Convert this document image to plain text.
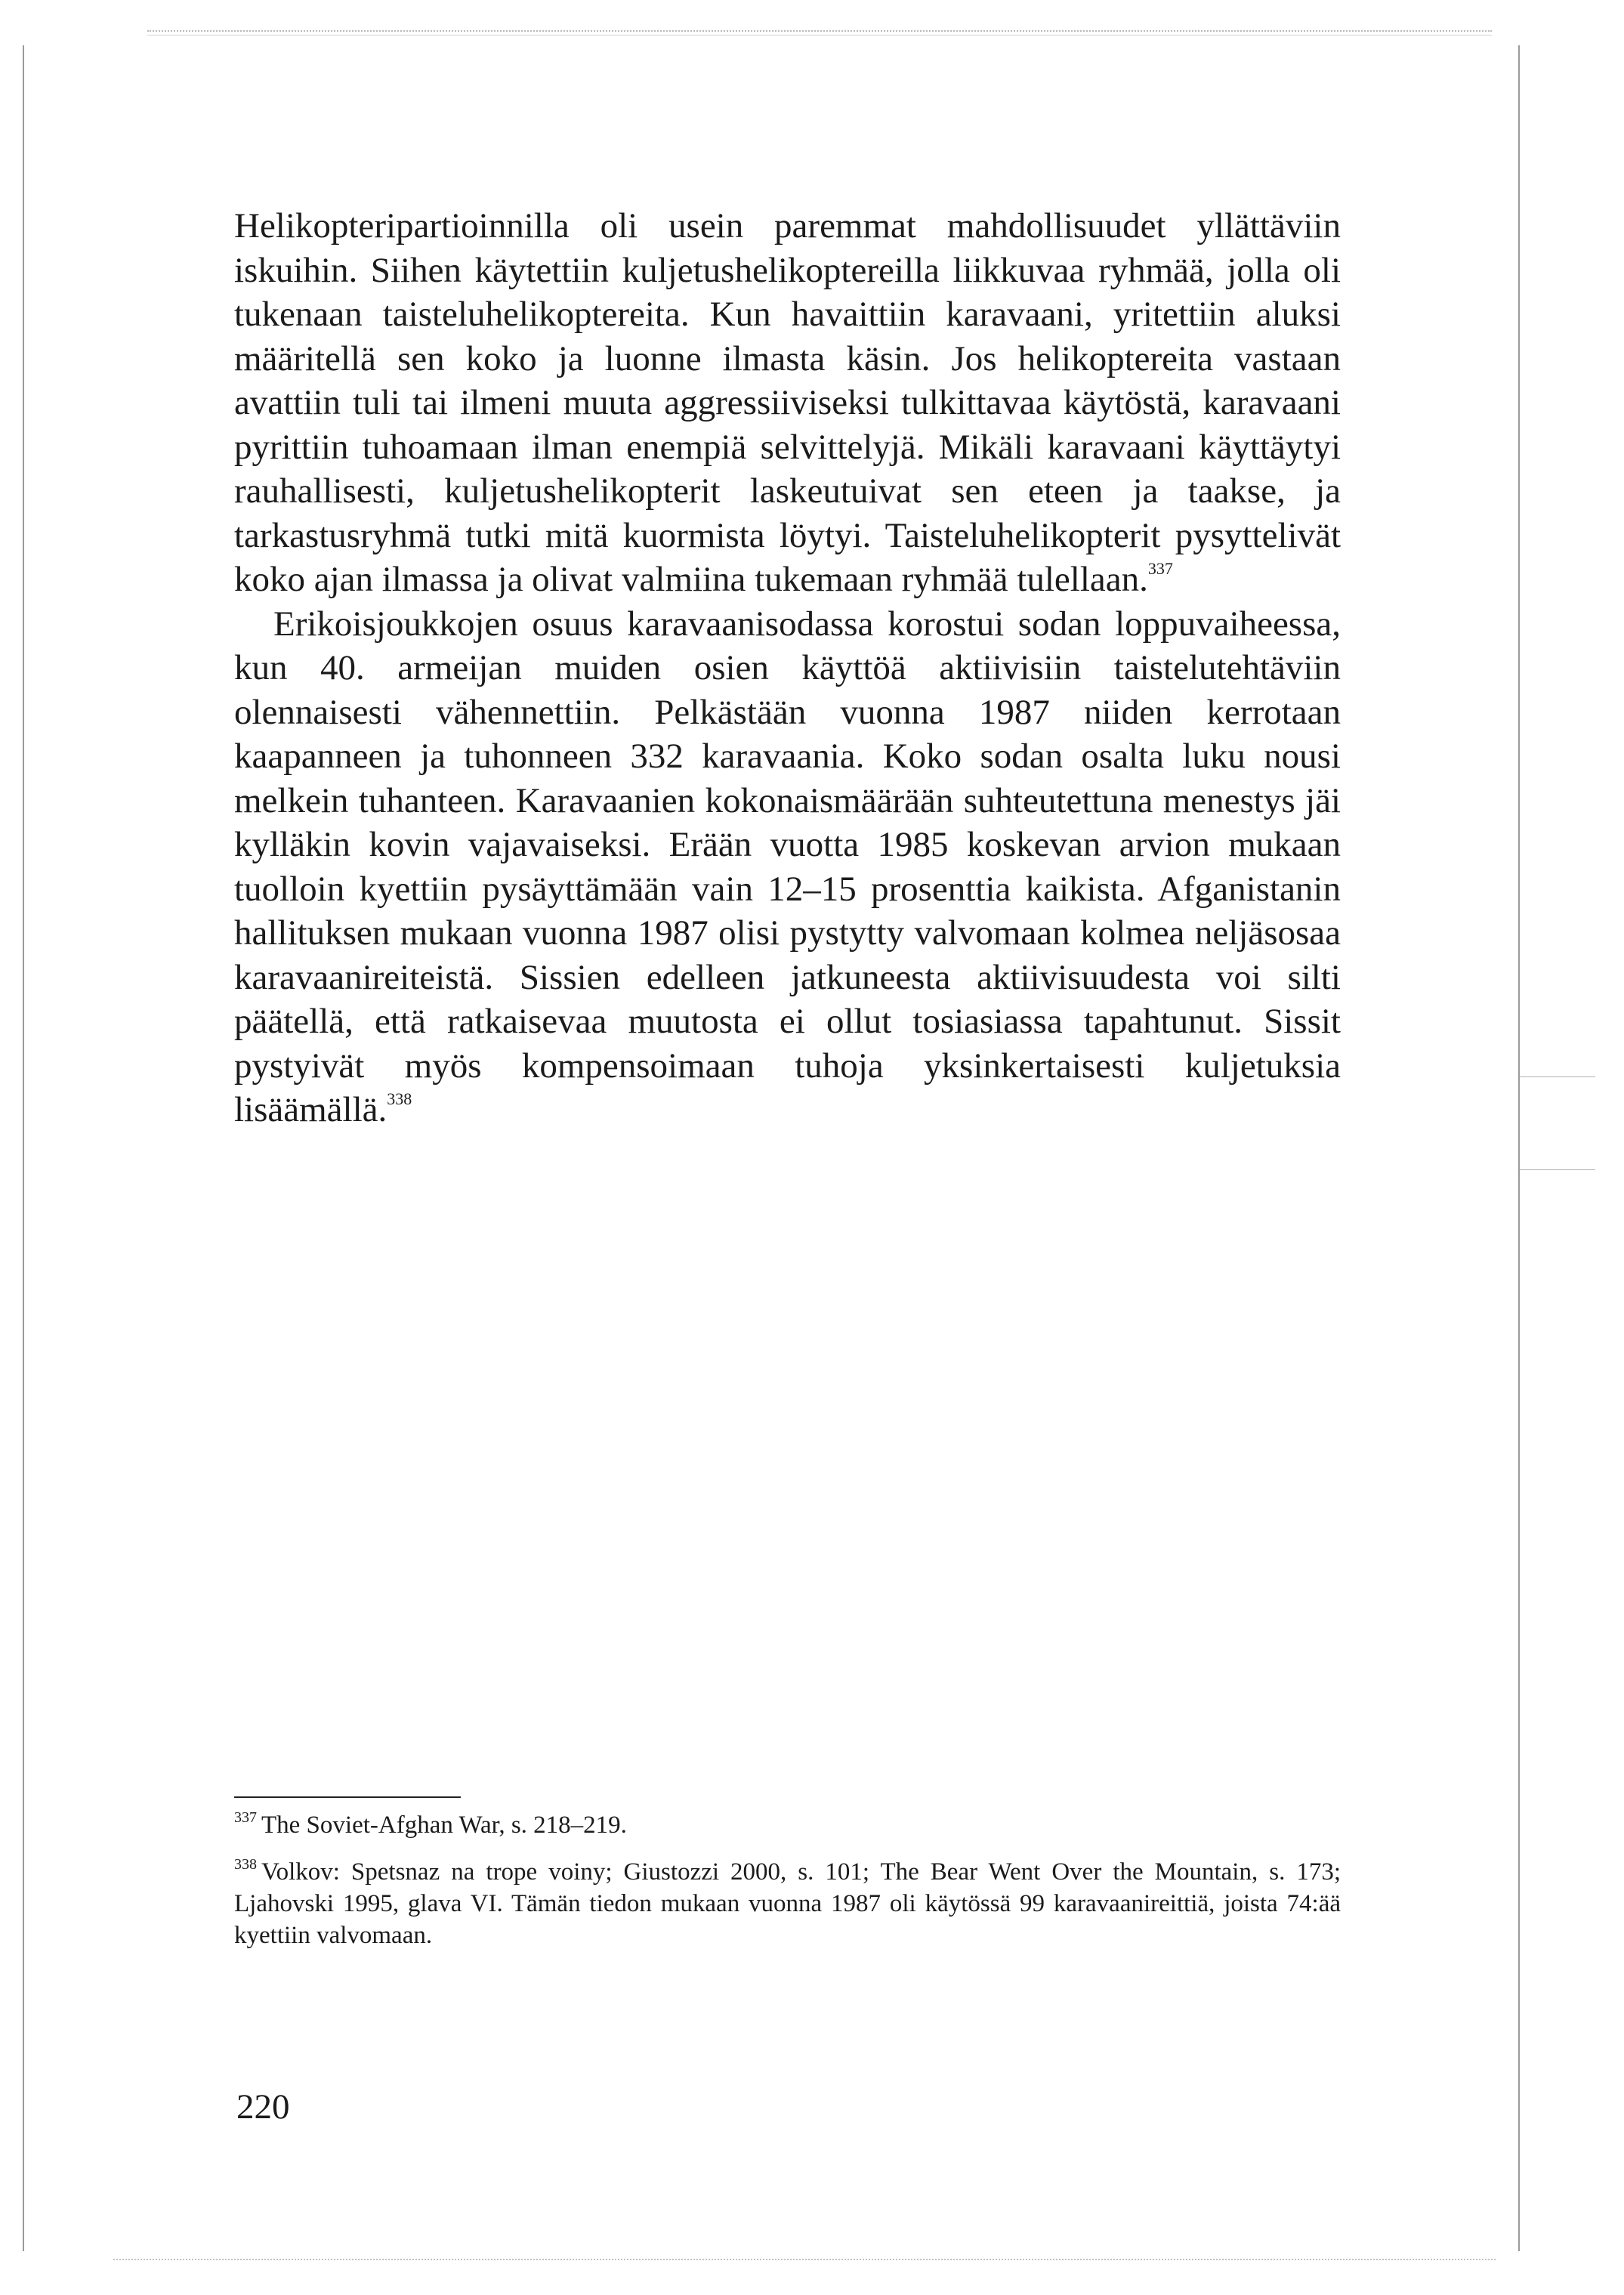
Helikopteripartioinnilla oli usein paremmat mahdollisuudet yllättäviin iskuihin. Siihen käytettiin kuljetushelikoptereilla liikkuvaa ryhmää, jolla oli tukenaan taisteluhelikoptereita. Kun havaittiin karavaani, yritettiin aluksi määritellä sen koko ja luonne ilmasta käsin. Jos helikoptereita vastaan avattiin tuli tai ilmeni muuta aggressiiviseksi tulkittavaa käytöstä, karavaani pyrittiin tuhoamaan ilman enempiä selvittelyjä. Mikäli karavaani käyttäytyi rauhallisesti, kuljetushelikopterit laskeutuivat sen eteen ja taakse, ja tarkastusryhmä tutki mitä kuormista löytyi. Taisteluhelikopterit pysyttelivät koko ajan ilmassa ja olivat valmiina tukemaan ryhmää tulellaan.$^{337}$

Erikoisjoukkojen osuus karavaanisodassa korostui sodan loppuvaiheessa, kun 40. armeijan muiden osien käyttöä aktiivisiin taistelutehtäviin olennaisesti vähennettiin. Pelkästään vuonna 1987 niiden kerrotaan kaapanneen ja tuhonneen 332 karavaania. Koko sodan osalta luku nousi melkein tuhanteen. Karavaanien kokonaismäärään suhteutettuna menestys jäi kylläkin kovin vajavaiseksi. Erään vuotta 1985 koskevan arvion mukaan tuolloin kyettiin pysäyttämään vain 12–15 prosenttia kaikista. Afganistanin hallituksen mukaan vuonna 1987 olisi pystytty valvomaan kolmea neljäsosaa karavaanireiteistä. Sissien edelleen jatkuneesta aktiivisuudesta voi silti päätellä, että ratkaisevaa muutosta ei ollut tosiasiassa tapahtunut. Sissit pystyivät myös kompensoimaan tuhoja yksinkertaisesti kuljetuksia lisäämällä.$^{338}$

$^{337}$ The Soviet-Afghan War, s. 218–219.
$^{338}$ Volkov: Spetsnaz na trope voiny; Giustozzi 2000, s. 101; The Bear Went Over the Mountain, s. 173; Ljahovski 1995, glava VI. Tämän tiedon mukaan vuonna 1987 oli käytössä 99 karavaanireittiä, joista 74:ää kyettiin valvomaan.
220
